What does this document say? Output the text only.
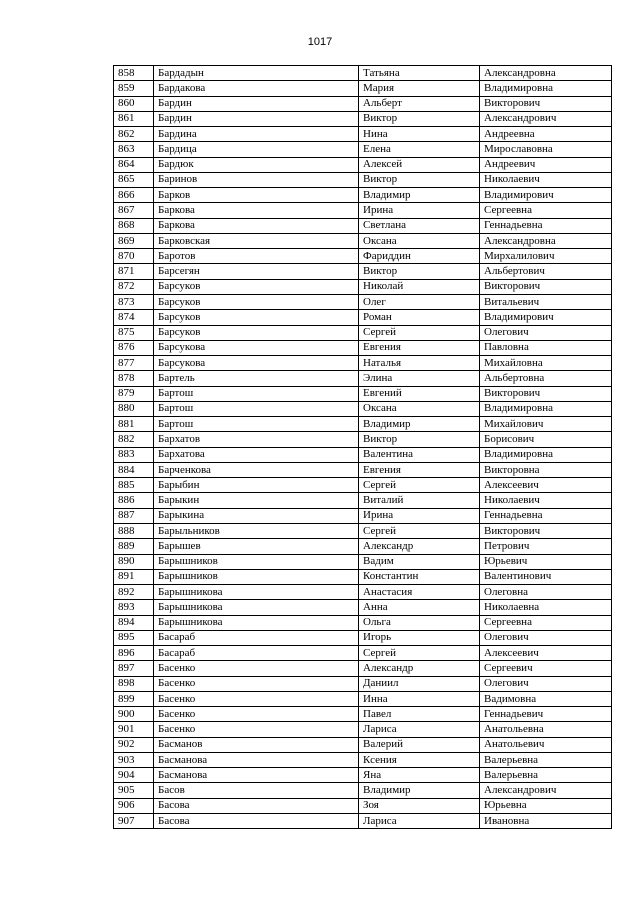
1017
858	Бардадын	Татьяна	Александровна
859	Бардакова	Мария	Владимировна
860	Бардин	Альберт	Викторович
861	Бардин	Виктор	Александрович
862	Бардина	Нина	Андреевна
863	Бардица	Елена	Мирославовна
864	Бардюк	Алексей	Андреевич
865	Баринов	Виктор	Николаевич
866	Барков	Владимир	Владимирович
867	Баркова	Ирина	Сергеевна
868	Баркова	Светлана	Геннадьевна
869	Барковская	Оксана	Александровна
870	Баротов	Фариддин	Мирхалилович
871	Барсегян	Виктор	Альбертович
872	Барсуков	Николай	Викторович
873	Барсуков	Олег	Витальевич
874	Барсуков	Роман	Владимирович
875	Барсуков	Сергей	Олегович
876	Барсукова	Евгения	Павловна
877	Барсукова	Наталья	Михайловна
878	Бартель	Элина	Альбертовна
879	Бартош	Евгений	Викторович
880	Бартош	Оксана	Владимировна
881	Бартош	Владимир	Михайлович
882	Бархатов	Виктор	Борисович
883	Бархатова	Валентина	Владимировна
884	Барченкова	Евгения	Викторовна
885	Барыбин	Сергей	Алексеевич
886	Барыкин	Виталий	Николаевич
887	Барыкина	Ирина	Геннадьевна
888	Барыльников	Сергей	Викторович
889	Барышев	Александр	Петрович
890	Барышников	Вадим	Юрьевич
891	Барышников	Константин	Валентинович
892	Барышникова	Анастасия	Олеговна
893	Барышникова	Анна	Николаевна
894	Барышникова	Ольга	Сергеевна
895	Басараб	Игорь	Олегович
896	Басараб	Сергей	Алексеевич
897	Басенко	Александр	Сергеевич
898	Басенко	Даниил	Олегович
899	Басенко	Инна	Вадимовна
900	Басенко	Павел	Геннадьевич
901	Басенко	Лариса	Анатольевна
902	Басманов	Валерий	Анатольевич
903	Басманова	Ксения	Валерьевна
904	Басманова	Яна	Валерьевна
905	Басов	Владимир	Александрович
906	Басова	Зоя	Юрьевна
907	Басова	Лариса	Ивановна
